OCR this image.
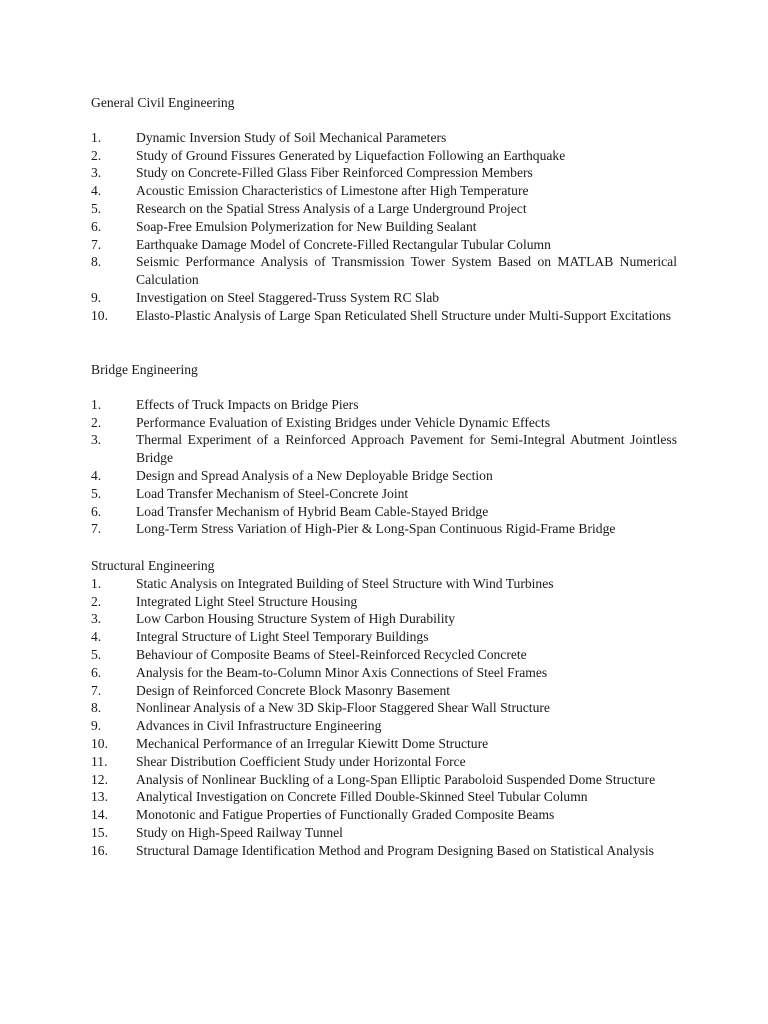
General Civil Engineering
1.	Dynamic Inversion Study of Soil Mechanical Parameters
2.	Study of Ground Fissures Generated by Liquefaction Following an Earthquake
3.	Study on Concrete-Filled Glass Fiber Reinforced Compression Members
4.	Acoustic Emission Characteristics of Limestone after High Temperature
5.	Research on the Spatial Stress Analysis of a Large Underground Project
6.	Soap-Free Emulsion Polymerization for New Building Sealant
7.	Earthquake Damage Model of Concrete-Filled Rectangular Tubular Column
8.	Seismic Performance Analysis of Transmission Tower System Based on MATLAB Numerical Calculation
9.	Investigation on Steel Staggered-Truss System RC Slab
10.	Elasto-Plastic Analysis of Large Span Reticulated Shell Structure under Multi-Support Excitations
Bridge Engineering
1.	Effects of Truck Impacts on Bridge Piers
2.	Performance Evaluation of Existing Bridges under Vehicle Dynamic Effects
3.	Thermal Experiment of a Reinforced Approach Pavement for Semi-Integral Abutment Jointless Bridge
4.	Design and Spread Analysis of a New Deployable Bridge Section
5.	Load Transfer Mechanism of Steel-Concrete Joint
6.	Load Transfer Mechanism of Hybrid Beam Cable-Stayed Bridge
7.	Long-Term Stress Variation of High-Pier & Long-Span Continuous Rigid-Frame Bridge
Structural Engineering
1.	Static Analysis on Integrated Building of Steel Structure with Wind Turbines
2.	Integrated Light Steel Structure Housing
3.	Low Carbon Housing Structure System of High Durability
4.	Integral Structure of Light Steel Temporary Buildings
5.	Behaviour of Composite Beams of Steel-Reinforced Recycled Concrete
6.	Analysis for the Beam-to-Column Minor Axis Connections of Steel Frames
7.	Design of Reinforced Concrete Block Masonry Basement
8.	Nonlinear Analysis of a New 3D Skip-Floor Staggered Shear Wall Structure
9.	Advances in Civil Infrastructure Engineering
10.	Mechanical Performance of an Irregular Kiewitt Dome Structure
11.	Shear Distribution Coefficient Study under Horizontal Force
12.	Analysis of Nonlinear Buckling of a Long-Span Elliptic Paraboloid Suspended Dome Structure
13.	Analytical Investigation on Concrete Filled Double-Skinned Steel Tubular Column
14.	Monotonic and Fatigue Properties of Functionally Graded Composite Beams
15.	Study on High-Speed Railway Tunnel
16.	Structural Damage Identification Method and Program Designing Based on Statistical Analysis
